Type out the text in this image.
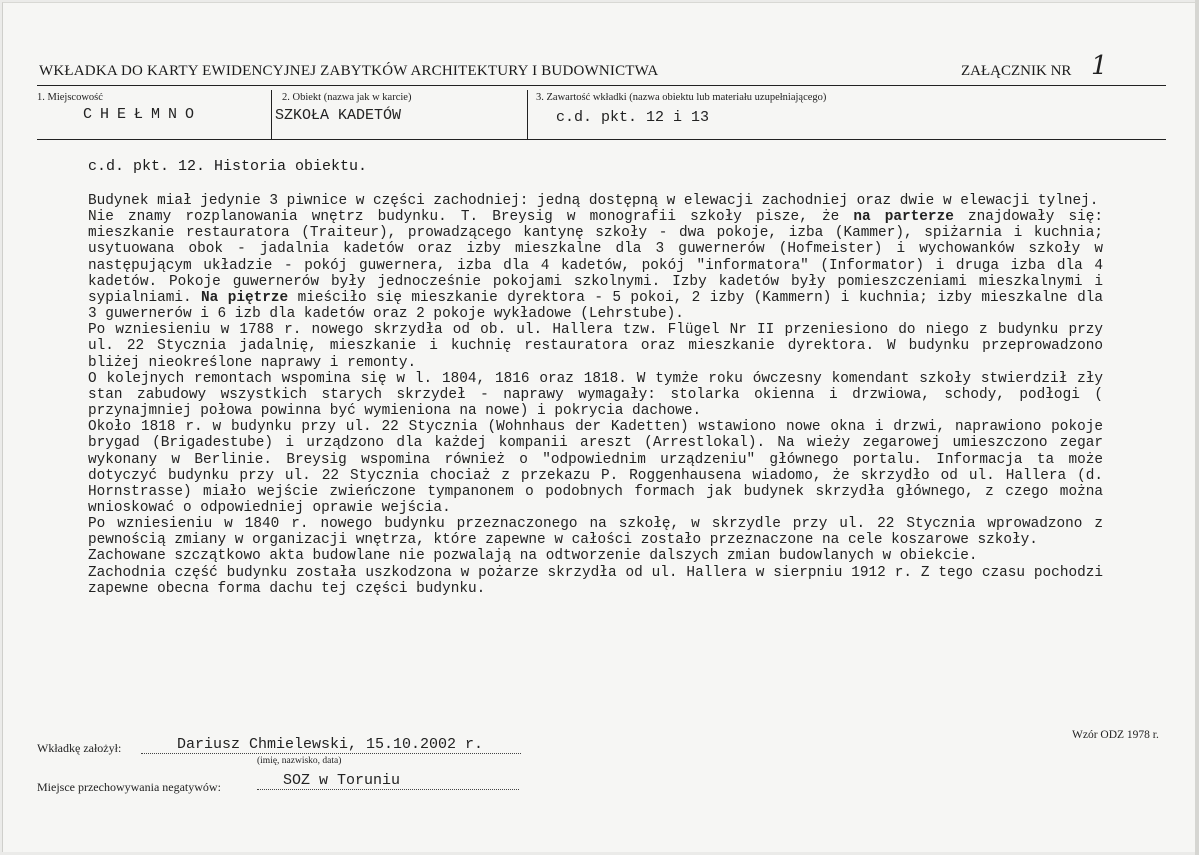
WKŁADKA DO KARTY EWIDENCYJNEJ ZABYTKÓW ARCHITEKTURY I BUDOWNICTWA	ZAŁĄCZNIK NR 1
1. Miejscowość
CHEŁMNO
2. Obiekt (nazwa jak w karcie)
SZKOŁA KADETÓW
3. Zawartość wkładki (nazwa obiektu lub materiału uzupełniającego)
c.d. pkt. 12 i 13
c.d. pkt. 12. Historia obiektu.

Budynek miał jedynie 3 piwnice w części zachodniej: jedną dostępną w elewacji zachodniej oraz dwie w elewacji tylnej.

Nie znamy rozplanowania wnętrz budynku. T. Breysig w monografii szkoły pisze, że na parterze znajdowały się: mieszkanie restauratora (Traiteur), prowadzącego kantynę szkoły - dwa pokoje, izba (Kammer), spiżarnia i kuchnia; usytuowana obok - jadalnia kadetów oraz izby mieszkalne dla 3 guwernerów (Hofmeister) i wychowanków szkoły w następującym układzie - pokój guwernera, izba dla 4 kadetów, pokój "informatora" (Informator) i druga izba dla 4 kadetów. Pokoje guwernerów były jednocześnie pokojami szkolnymi. Izby kadetów były pomieszczeniami mieszkalnymi i sypialniami. Na piętrze mieściło się mieszkanie dyrektora - 5 pokoi, 2 izby (Kammern) i kuchnia; izby mieszkalne dla 3 guwernerów i 6 izb dla kadetów oraz 2 pokoje wykładowe (Lehrstube).

Po wzniesieniu w 1788 r. nowego skrzydła od ob. ul. Hallera tzw. Flügel Nr II przeniesiono do niego z budynku przy ul. 22 Stycznia jadalnię, mieszkanie i kuchnię restauratora oraz mieszkanie dyrektora. W budynku przeprowadzono bliżej nieokreślone naprawy i remonty.

O kolejnych remontach wspomina się w l. 1804, 1816 oraz 1818. W tymże roku ówczesny komendant szkoły stwierdził zły stan zabudowy wszystkich starych skrzydeł - naprawy wymagały: stolarka okienna i drzwiowa, schody, podłogi ( przynajmniej połowa powinna być wymieniona na nowe) i pokrycia dachowe.

Około 1818 r. w budynku przy ul. 22 Stycznia (Wohnhaus der Kadetten) wstawiono nowe okna i drzwi, naprawiono pokoje brygad (Brigadestube) i urządzono dla każdej kompanii areszt (Arrestlokal). Na wieży zegarowej umieszczono zegar wykonany w Berlinie. Breysig wspomina również o "odpowiednim urządzeniu" głównego portalu. Informacja ta może dotyczyć budynku przy ul. 22 Stycznia chociaż z przekazu P. Roggenhausena wiadomo, że skrzydło od ul. Hallera (d. Hornstrasse) miało wejście zwieńczone tympanonem o podobnych formach jak budynek skrzydła głównego, z czego można wnioskować o odpowiedniej oprawie wejścia.

Po wzniesieniu w 1840 r. nowego budynku przeznaczonego na szkołę, w skrzydle przy ul. 22 Stycznia wprowadzono z pewnością zmiany w organizacji wnętrza, które zapewne w całości zostało przeznaczone na cele koszarowe szkoły.

Zachowane szczątkowo akta budowlane nie pozwalają na odtworzenie dalszych zmian budowlanych w obiekcie.

Zachodnia część budynku została uszkodzona w pożarze skrzydła od ul. Hallera w sierpniu 1912 r. Z tego czasu pochodzi zapewne obecna forma dachu tej części budynku.

Wkładkę założył:	Dariusz Chmielewski, 15.10.2002 r.
(imię, nazwisko, data)
Miejsce przechowywania negatywów:	SOZ w Toruniu
Wzór ODZ 1978 r.
